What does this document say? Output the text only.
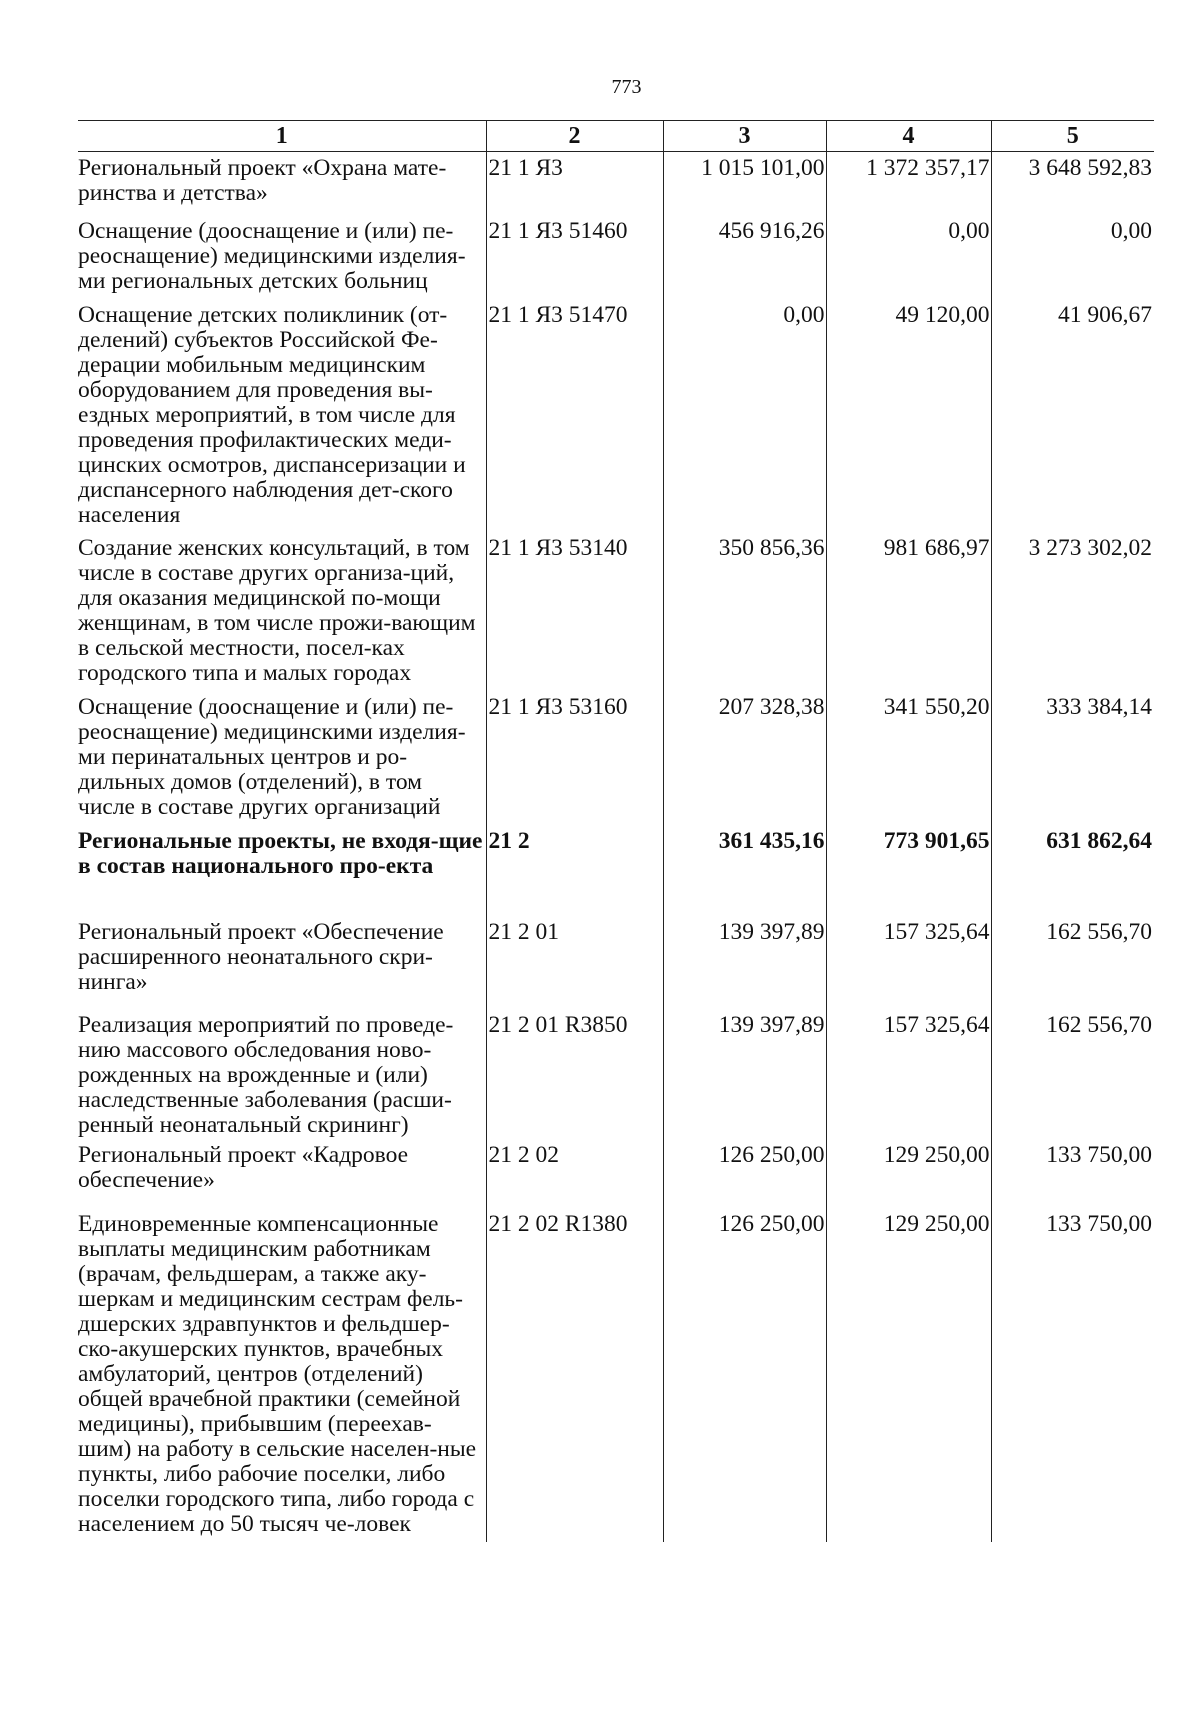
773
1	2	3	4	5
Региональный проект «Охрана мате-ринства и детства»	21 1 Я3	1 015 101,00	1 372 357,17	3 648 592,83
Оснащение (дооснащение и (или) пе-реоснащение) медицинскими изделия-ми региональных детских больниц	21 1 Я3 51460	456 916,26	0,00	0,00
Оснащение детских поликлиник (от-делений) субъектов Российской Фе-дерации мобильным медицинским оборудованием для проведения вы-ездных мероприятий, в том числе для проведения профилактических меди-цинских осмотров, диспансеризации и диспансерного наблюдения дет-ского населения	21 1 Я3 51470	0,00	49 120,00	41 906,67
Создание женских консультаций, в том числе в составе других организа-ций, для оказания медицинской по-мощи женщинам, в том числе прожи-вающим в сельской местности, посел-ках городского типа и малых городах	21 1 Я3 53140	350 856,36	981 686,97	3 273 302,02
Оснащение (дооснащение и (или) пе-реоснащение) медицинскими изделия-ми перинатальных центров и ро-дильных домов (отделений), в том числе в составе других организаций	21 1 Я3 53160	207 328,38	341 550,20	333 384,14
Региональные проекты, не входя-щие в состав национального про-екта	21 2	361 435,16	773 901,65	631 862,64
Региональный проект «Обеспечение расширенного неонатального скри-нинга»	21 2 01	139 397,89	157 325,64	162 556,70
Реализация мероприятий по проведе-нию массового обследования ново-рожденных на врожденные и (или) наследственные заболевания (расши-ренный неонатальный скрининг)	21 2 01 R3850	139 397,89	157 325,64	162 556,70
Региональный проект «Кадровое обеспечение»	21 2 02	126 250,00	129 250,00	133 750,00
Единовременные компенсационные выплаты медицинским работникам (врачам, фельдшерам, а также аку-шеркам и медицинским сестрам фель-дшерских здравпунктов и фельдшер-ско-акушерских пунктов, врачебных амбулаторий, центров (отделений) общей врачебной практики (семейной медицины), прибывшим (переехав-шим) на работу в сельские населен-ные пункты, либо рабочие поселки, либо поселки городского типа, либо города с населением до 50 тысяч че-ловек	21 2 02 R1380	126 250,00	129 250,00	133 750,00
